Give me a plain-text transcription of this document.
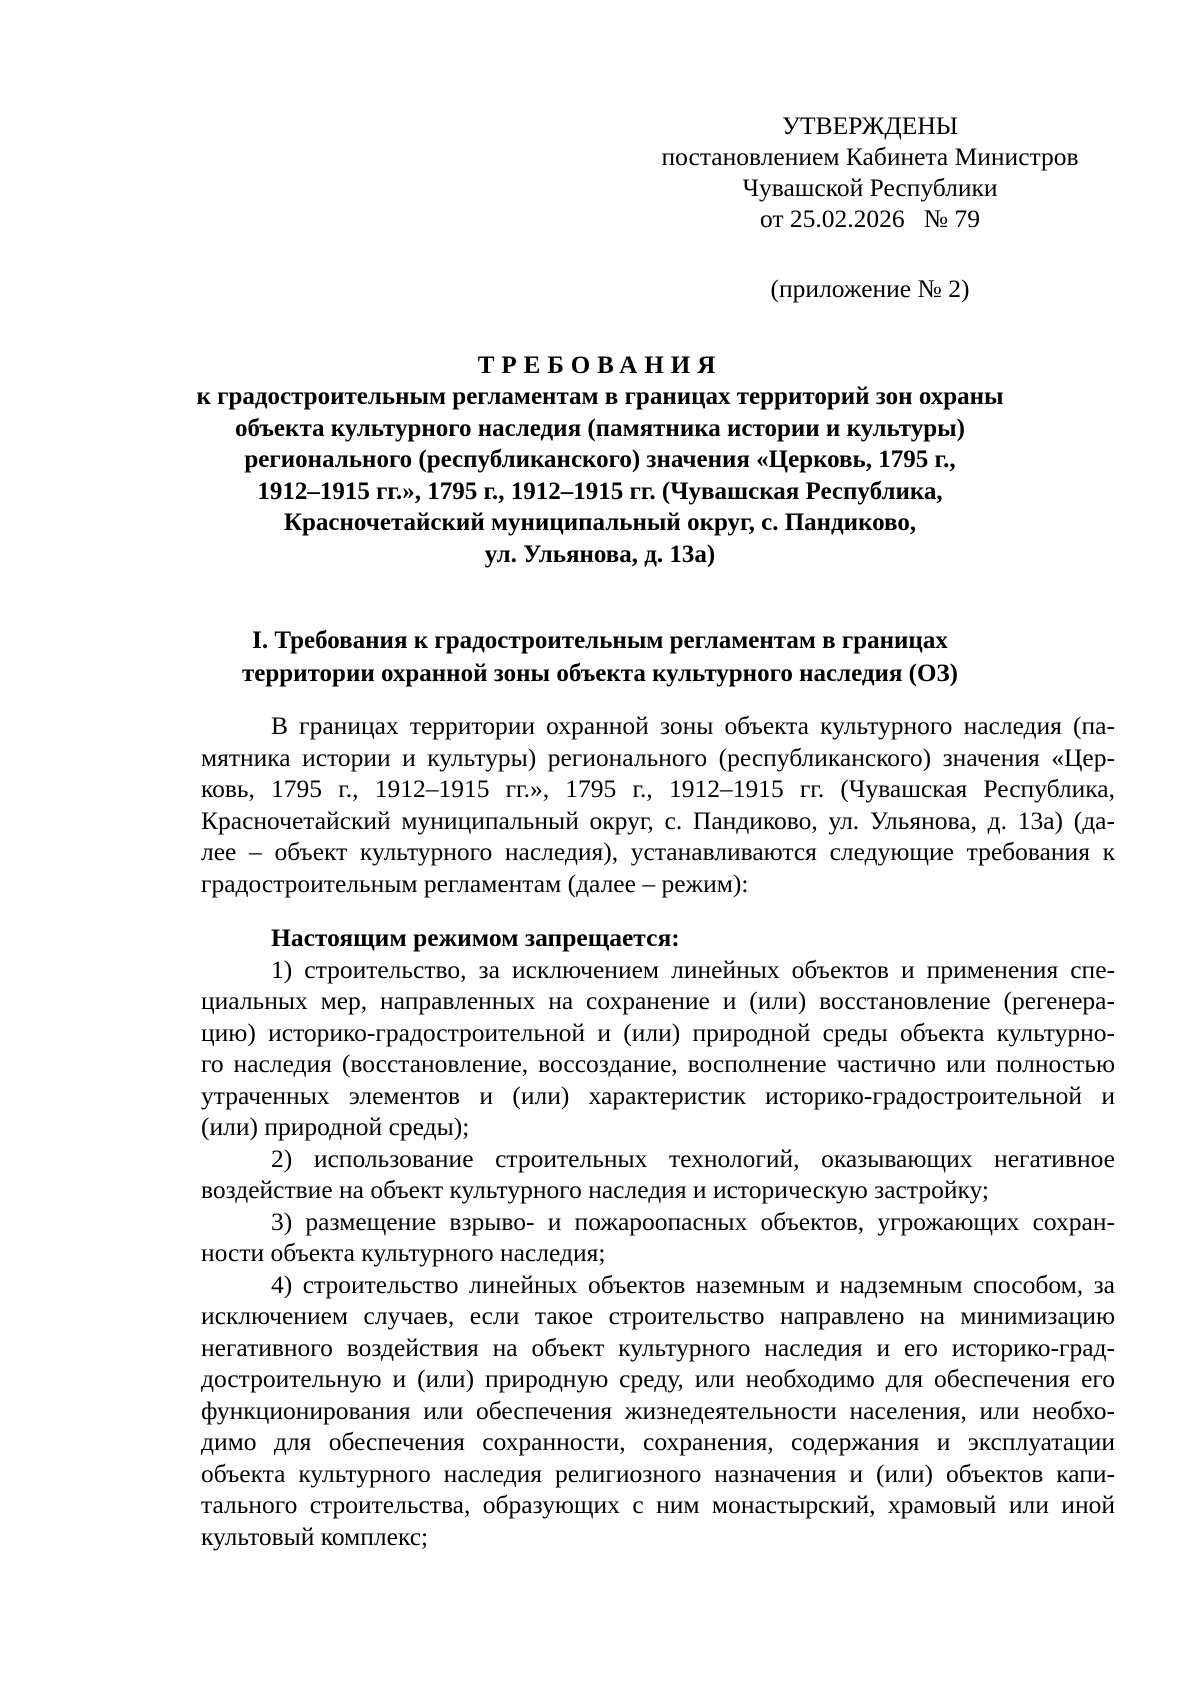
УТВЕРЖДЕНЫ
постановлением Кабинета Министров
Чувашской Республики
от 25.02.2026   № 79
(приложение № 2)
ТРЕБОВАНИЯ
к градостроительным регламентам в границах территорий зон охраны
объекта культурного наследия (памятника истории и культуры)
регионального (республиканского) значения «Церковь, 1795 г.,
1912–1915 гг.», 1795 г., 1912–1915 гг. (Чувашская Республика,
Красночетайский муниципальный округ, с. Пандиково,
ул. Ульянова, д. 13а)
I. Требования к градостроительным регламентам в границах
территории охранной зоны объекта культурного наследия (ОЗ)
В границах территории охранной зоны объекта культурного наследия (па-
мятника истории и культуры) регионального (республиканского) значения «Цер-
ковь, 1795 г., 1912–1915 гг.», 1795 г., 1912–1915 гг. (Чувашская Республика,
Красночетайский муниципальный округ, с. Пандиково, ул. Ульянова, д. 13а) (да-
лее – объект культурного наследия), устанавливаются следующие требования к
градостроительным регламентам (далее – режим):
Настоящим режимом запрещается:
1) строительство, за исключением линейных объектов и применения спе-
циальных мер, направленных на сохранение и (или) восстановление (регенера-
цию) историко-градостроительной и (или) природной среды объекта культурно-
го наследия (восстановление, воссоздание, восполнение частично или полностью
утраченных элементов и (или) характеристик историко-градостроительной и
(или) природной среды);
2) использование строительных технологий, оказывающих негативное
воздействие на объект культурного наследия и историческую застройку;
3) размещение взрыво- и пожароопасных объектов, угрожающих сохран-
ности объекта культурного наследия;
4) строительство линейных объектов наземным и надземным способом, за
исключением случаев, если такое строительство направлено на минимизацию
негативного воздействия на объект культурного наследия и его историко-град-
достроительную и (или) природную среду, или необходимо для обеспечения его
функционирования или обеспечения жизнедеятельности населения, или необхо-
димо для обеспечения сохранности, сохранения, содержания и эксплуатации
объекта культурного наследия религиозного назначения и (или) объектов капи-
тального строительства, образующих с ним монастырский, храмовый или иной
культовый комплекс;
